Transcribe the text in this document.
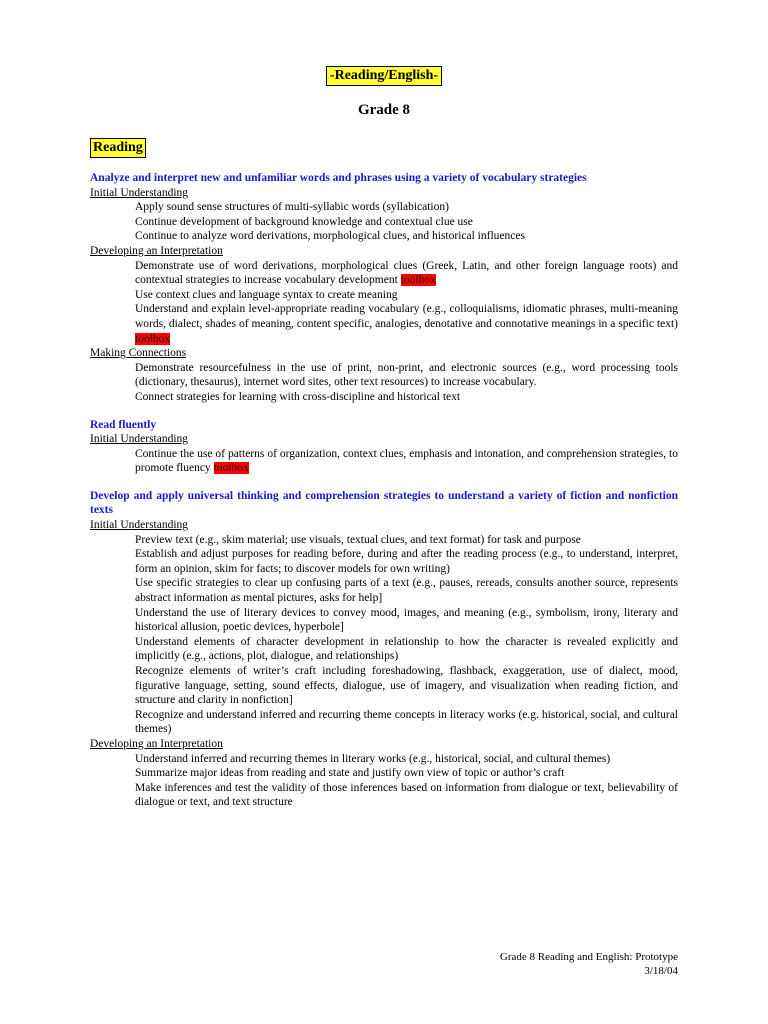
-Reading/English-
Grade 8
Reading
Analyze and interpret new and unfamiliar words and phrases using a variety of vocabulary strategies
Initial Understanding
Apply sound sense structures of multi-syllabic words (syllabication)
Continue development of background knowledge and contextual clue use
Continue to analyze word derivations, morphological clues, and historical influences
Developing an Interpretation
Demonstrate use of word derivations, morphological clues (Greek, Latin, and other foreign language roots) and contextual strategies to increase vocabulary development toolbox
Use context clues and language syntax to create meaning
Understand and explain level-appropriate reading vocabulary (e.g., colloquialisms, idiomatic phrases, multi-meaning words, dialect, shades of meaning, content specific, analogies, denotative and connotative meanings in a specific text) toolbox
Making Connections
Demonstrate resourcefulness in the use of print, non-print, and electronic sources (e.g., word processing tools (dictionary, thesaurus), internet word sites, other text resources) to increase vocabulary.
Connect strategies for learning with cross-discipline and historical text
Read fluently
Initial Understanding
Continue the use of patterns of organization, context clues, emphasis and intonation, and comprehension strategies, to promote fluency toolbox
Develop and apply universal thinking and comprehension strategies to understand a variety of fiction and nonfiction texts
Initial Understanding
Preview text (e.g., skim material; use visuals, textual clues, and text format) for task and purpose
Establish and adjust purposes for reading before, during and after the reading process (e.g., to understand, interpret, form an opinion, skim for facts; to discover models for own writing)
Use specific strategies to clear up confusing parts of a text (e.g., pauses, rereads, consults another source, represents abstract information as mental pictures, asks for help]
Understand the use of literary devices to convey mood, images, and meaning (e.g., symbolism, irony, literary and historical allusion, poetic devices, hyperbole]
Understand elements of character development in relationship to how the character is revealed explicitly and implicitly (e.g., actions, plot, dialogue, and relationships)
Recognize elements of writer’s craft including foreshadowing, flashback, exaggeration, use of dialect, mood, figurative language, setting, sound effects, dialogue, use of imagery, and visualization when reading fiction, and structure and clarity in nonfiction]
Recognize and understand inferred and recurring theme concepts in literacy works (e.g. historical, social, and cultural themes)
Developing an Interpretation
Understand inferred and recurring themes in literary works (e.g., historical, social, and cultural themes)
Summarize major ideas from reading and state and justify own view of topic or author’s craft
Make inferences and test the validity of those inferences based on information from dialogue or text, believability of dialogue or text, and text structure
Grade 8 Reading and English: Prototype
3/18/04
